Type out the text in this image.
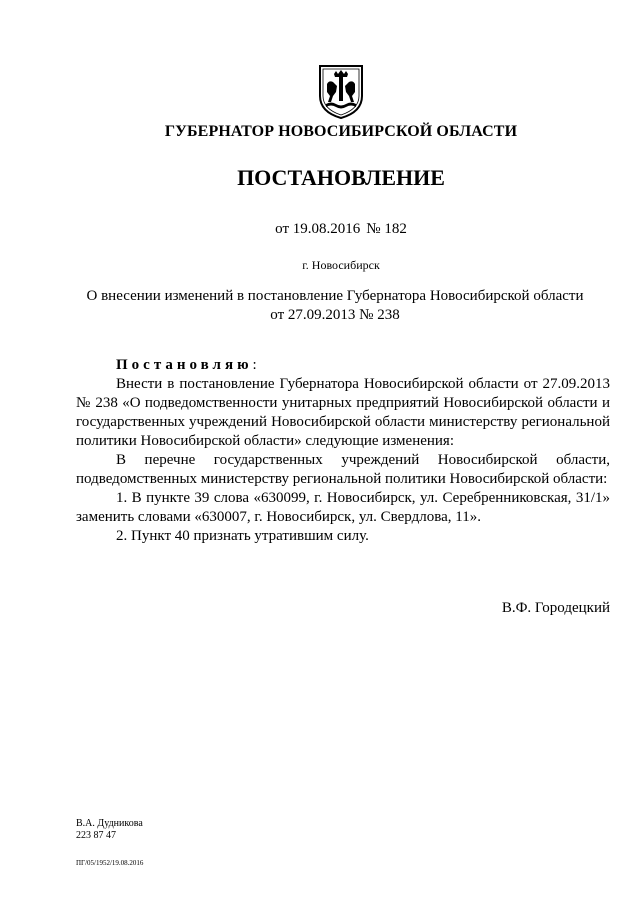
ГУБЕРНАТОР НОВОСИБИРСКОЙ ОБЛАСТИ
ПОСТАНОВЛЕНИЕ
от 19.08.2016 № 182
г. Новосибирск
О внесении изменений в постановление Губернатора Новосибирской области
от 27.09.2013 № 238

Постановляю:

Внести в постановление Губернатора Новосибирской области от 27.09.2013 № 238 «О подведомственности унитарных предприятий Новосибирской области и государственных учреждений Новосибирской области министерству региональной политики Новосибирской области» следующие изменения:

В перечне государственных учреждений Новосибирской области, подведомственных министерству региональной политики Новосибирской области:

1. В пункте 39 слова «630099, г. Новосибирск, ул. Серебренниковская, 31/1» заменить словами «630007, г. Новосибирск, ул. Свердлова, 11».

2. Пункт 40 признать утратившим силу.

В.Ф. Городецкий
В.А. Дудникова
223 87 47
ПГ/05/1952/19.08.2016
